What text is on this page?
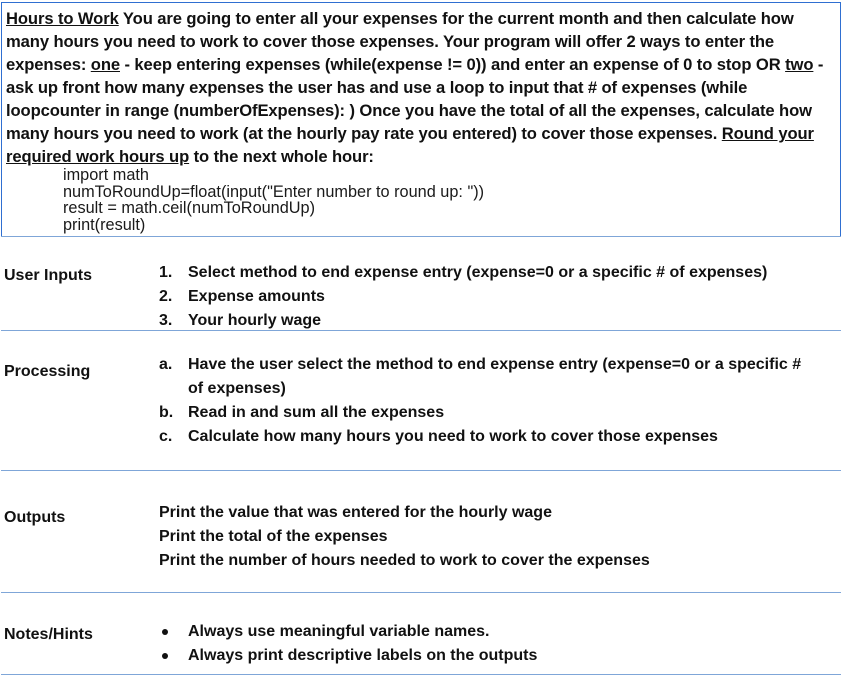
Hours to Work You are going to enter all your expenses for the current month and then calculate how many hours you need to work to cover those expenses. Your program will offer 2 ways to enter the expenses: one - keep entering expenses (while(expense != 0)) and enter an expense of 0 to stop OR two - ask up front how many expenses the user has and use a loop to input that # of expenses (while loopcounter in range (numberOfExpenses): ) Once you have the total of all the expenses, calculate how many hours you need to work (at the hourly pay rate you entered) to cover those expenses. Round your required work hours up to the next whole hour:
import math
numToRoundUp=float(input("Enter number to round up: "))
result = math.ceil(numToRoundUp)
print(result)
User Inputs	1. Select method to end expense entry (expense=0 or a specific # of expenses)
2. Expense amounts
3. Your hourly wage
Processing	a. Have the user select the method to end expense entry (expense=0 or a specific #
of expenses)
b. Read in and sum all the expenses
c. Calculate how many hours you need to work to cover those expenses
Outputs	Print the value that was entered for the hourly wage
Print the total of the expenses
Print the number of hours needed to work to cover the expenses
Notes/Hints	Always use meaningful variable names.
Always print descriptive labels on the outputs
